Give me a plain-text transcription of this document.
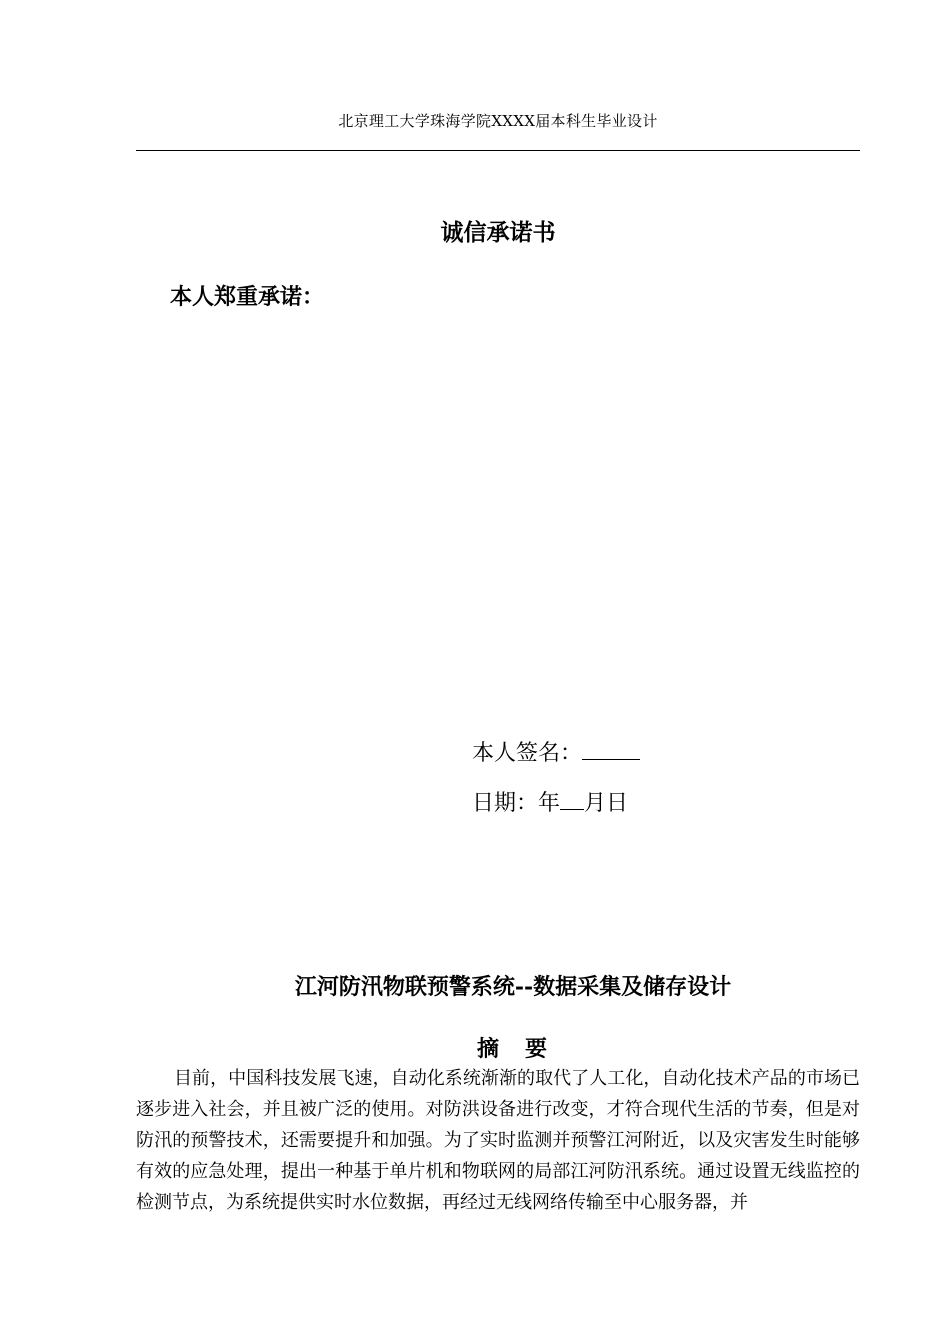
北京理工大学珠海学院XXXX届本科生毕业设计
诚信承诺书
本人郑重承诺：
本人签名：
日期：年 月日
江河防汛物联预警系统--数据采集及储存设计
摘　要

目前，中国科技发展飞速，自动化系统渐渐的取代了人工化，自动化技术产品的市场已逐步进入社会，并且被广泛的使用。对防洪设备进行改变，才符合现代生活的节奏，但是对防汛的预警技术，还需要提升和加强。为了实时监测并预警江河附近，以及灾害发生时能够有效的应急处理，提出一种基于单片机和物联网的局部江河防汛系统。通过设置无线监控的检测节点，为系统提供实时水位数据，再经过无线网络传输至中心服务器，并
